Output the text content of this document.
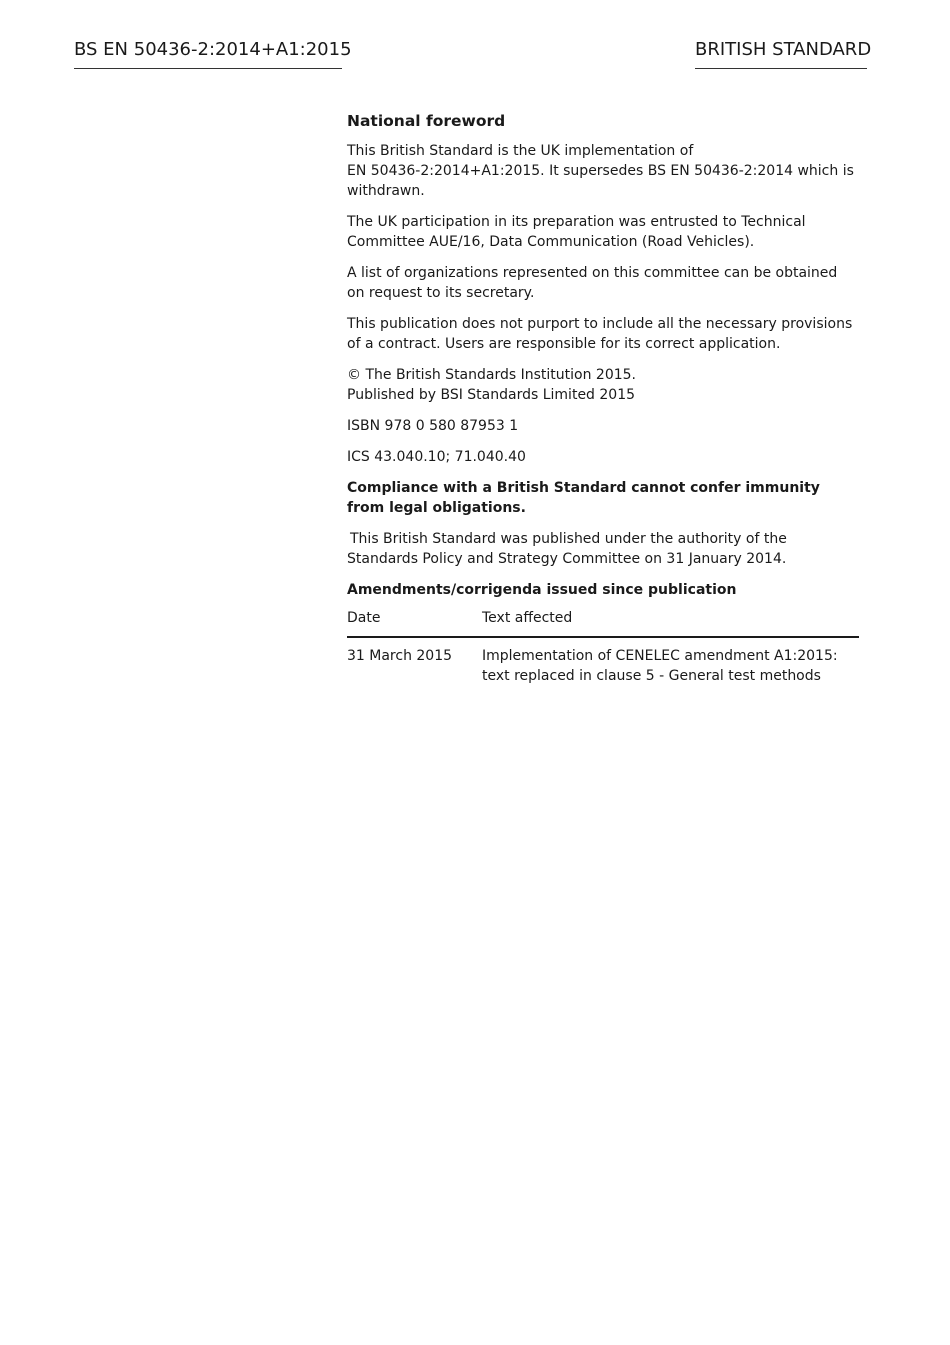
BS EN 50436-2:2014+A1:2015	BRITISH STANDARD
National foreword

This British Standard is the UK implementation of
EN 50436-2:2014+A1:2015. It supersedes BS EN 50436-2:2014 which is withdrawn.

The UK participation in its preparation was entrusted to Technical Committee AUE/16, Data Communication (Road Vehicles).

A list of organizations represented on this committee can be obtained on request to its secretary.

This publication does not purport to include all the necessary provisions of a contract. Users are responsible for its correct application.

© The British Standards Institution 2015.
Published by BSI Standards Limited 2015

ISBN 978 0 580 87953 1

ICS 43.040.10; 71.040.40

Compliance with a British Standard cannot confer immunity from legal obligations.

This British Standard was published under the authority of the Standards Policy and Strategy Committee on 31 January 2014.

Amendments/corrigenda issued since publication
Date	Text affected
31 March 2015	Implementation of CENELEC amendment A1:2015:
text replaced in clause 5 - General test methods
